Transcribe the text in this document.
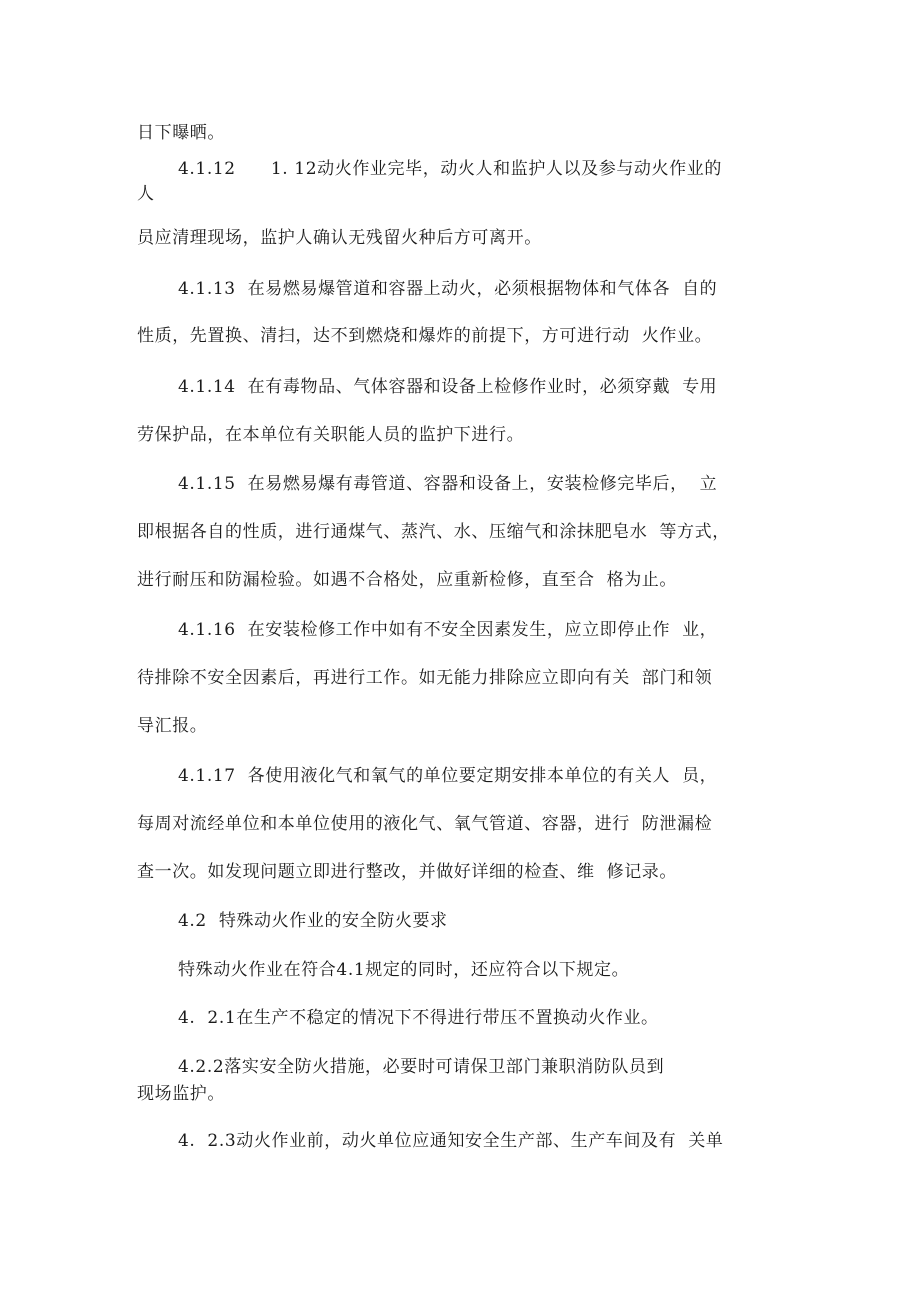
日下曝晒。
4.1.12　　1. 12动火作业完毕，动火人和监护人以及参与动火作业的
人
员应清理现场，监护人确认无残留火种后方可离开。
4.1.13  在易燃易爆管道和容器上动火，必须根据物体和气体各  自的
性质，先置换、清扫，达不到燃烧和爆炸的前提下，方可进行动  火作业。
4.1.14  在有毒物品、气体容器和设备上检修作业时，必须穿戴  专用
劳保护品，在本单位有关职能人员的监护下进行。
4.1.15  在易燃易爆有毒管道、容器和设备上，安装检修完毕后，  立
即根据各自的性质，进行通煤气、蒸汽、水、压缩气和涂抹肥皂水  等方式，
进行耐压和防漏检验。如遇不合格处，应重新检修，直至合  格为止。
4.1.16  在安装检修工作中如有不安全因素发生，应立即停止作  业，
待排除不安全因素后，再进行工作。如无能力排除应立即向有关  部门和领
导汇报。
4.1.17  各使用液化气和氧气的单位要定期安排本单位的有关人  员，
每周对流经单位和本单位使用的液化气、氧气管道、容器，进行  防泄漏检
查一次。如发现问题立即进行整改，并做好详细的检查、维  修记录。
4.2  特殊动火作业的安全防火要求
特殊动火作业在符合4.1规定的同时，还应符合以下规定。
4.  2.1在生产不稳定的情况下不得进行带压不置换动火作业。
4.2.2落实安全防火措施，必要时可请保卫部门兼职消防队员到
现场监护。
4.  2.3动火作业前，动火单位应通知安全生产部、生产车间及有  关单
